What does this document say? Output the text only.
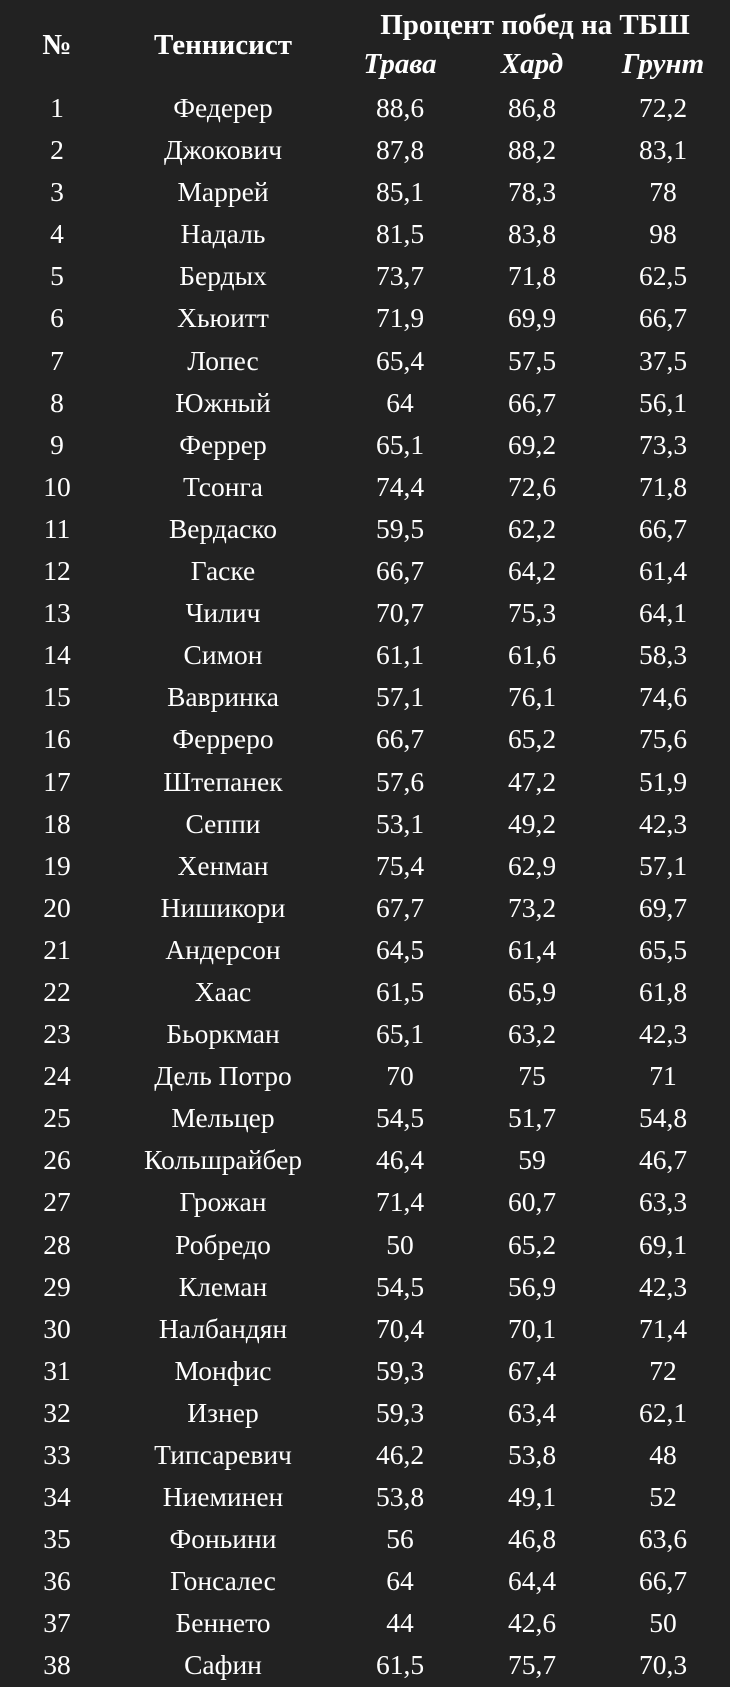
№	Теннисист
Процент побед на ТБШ
Трава Хард Грунт
1	Федерер	88,6	86,8	72,2
2	Джокович	87,8	88,2	83,1
3	Маррей	85,1	78,3	78
4	Надаль	81,5	83,8	98
5	Бердых	73,7	71,8	62,5
6	Хьюитт	71,9	69,9	66,7
7	Лопес	65,4	57,5	37,5
8	Южный	64	66,7	56,1
9	Феррер	65,1	69,2	73,3
10	Тсонга	74,4	72,6	71,8
11	Вердаско	59,5	62,2	66,7
12	Гаске	66,7	64,2	61,4
13	Чилич	70,7	75,3	64,1
14	Симон	61,1	61,6	58,3
15	Вавринка	57,1	76,1	74,6
16	Ферреро	66,7	65,2	75,6
17	Штепанек	57,6	47,2	51,9
18	Сеппи	53,1	49,2	42,3
19	Хенман	75,4	62,9	57,1
20	Нишикори	67,7	73,2	69,7
21	Андерсон	64,5	61,4	65,5
22	Хаас	61,5	65,9	61,8
23	Бьоркман	65,1	63,2	42,3
24	Дель Потро	70	75	71
25	Мельцер	54,5	51,7	54,8
26	Кольшрайбер	46,4	59	46,7
27	Грожан	71,4	60,7	63,3
28	Робредо	50	65,2	69,1
29	Клеман	54,5	56,9	42,3
30	Налбандян	70,4	70,1	71,4
31	Монфис	59,3	67,4	72
32	Изнер	59,3	63,4	62,1
33	Типсаревич	46,2	53,8	48
34	Ниеминен	53,8	49,1	52
35	Фоньини	56	46,8	63,6
36	Гонсалес	64	64,4	66,7
37	Беннето	44	42,6	50
38	Сафин	61,5	75,7	70,3
